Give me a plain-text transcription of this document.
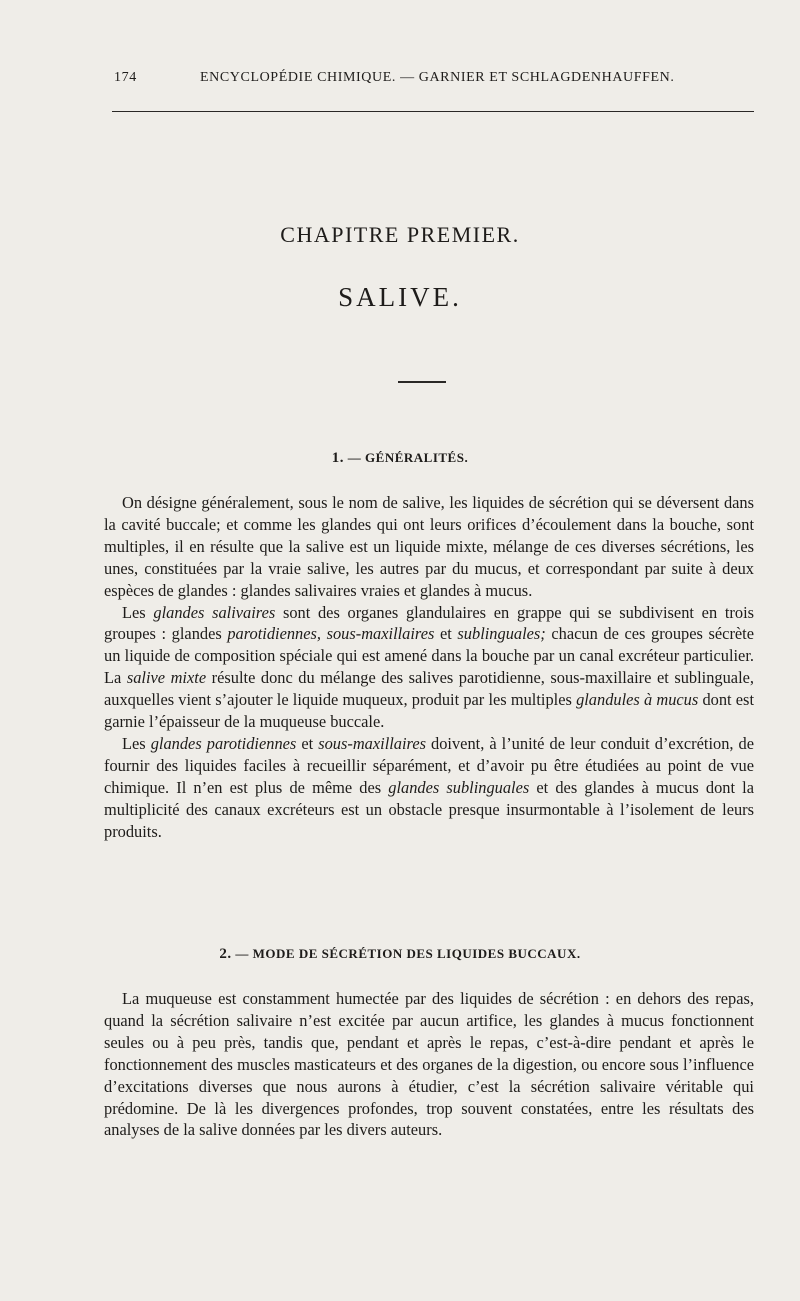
174	ENCYCLOPÉDIE CHIMIQUE. — GARNIER ET SCHLAGDENHAUFFEN.
CHAPITRE PREMIER.
SALIVE.
1. — GÉNÉRALITÉS.

On désigne généralement, sous le nom de salive, les liquides de sécrétion qui se déversent dans la cavité buccale; et comme les glandes qui ont leurs orifices d’écoulement dans la bouche, sont multiples, il en résulte que la salive est un liquide mixte, mélange de ces diverses sécrétions, les unes, constituées par la vraie salive, les autres par du mucus, et correspondant par suite à deux espèces de glandes : glandes salivaires vraies et glandes à mucus.

Les glandes salivaires sont des organes glandulaires en grappe qui se subdivisent en trois groupes : glandes parotidiennes, sous-maxillaires et sublinguales; chacun de ces groupes sécrète un liquide de composition spéciale qui est amené dans la bouche par un canal excréteur particulier. La salive mixte résulte donc du mélange des salives parotidienne, sous-maxillaire et sublinguale, auxquelles vient s’ajouter le liquide muqueux, produit par les multiples glandules à mucus dont est garnie l’épaisseur de la muqueuse buccale.

Les glandes parotidiennes et sous-maxillaires doivent, à l’unité de leur conduit d’excrétion, de fournir des liquides faciles à recueillir séparément, et d’avoir pu être étudiées au point de vue chimique. Il n’en est plus de même des glandes sublinguales et des glandes à mucus dont la multiplicité des canaux excréteurs est un obstacle presque insurmontable à l’isolement de leurs produits.

2. — MODE DE SÉCRÉTION DES LIQUIDES BUCCAUX.

La muqueuse est constamment humectée par des liquides de sécrétion : en dehors des repas, quand la sécrétion salivaire n’est excitée par aucun artifice, les glandes à mucus fonctionnent seules ou à peu près, tandis que, pendant et après le repas, c’est-à-dire pendant et après le fonctionnement des muscles masticateurs et des organes de la digestion, ou encore sous l’influence d’excitations diverses que nous aurons à étudier, c’est la sécrétion salivaire véritable qui prédomine. De là les divergences profondes, trop souvent constatées, entre les résultats des analyses de la salive données par les divers auteurs.
